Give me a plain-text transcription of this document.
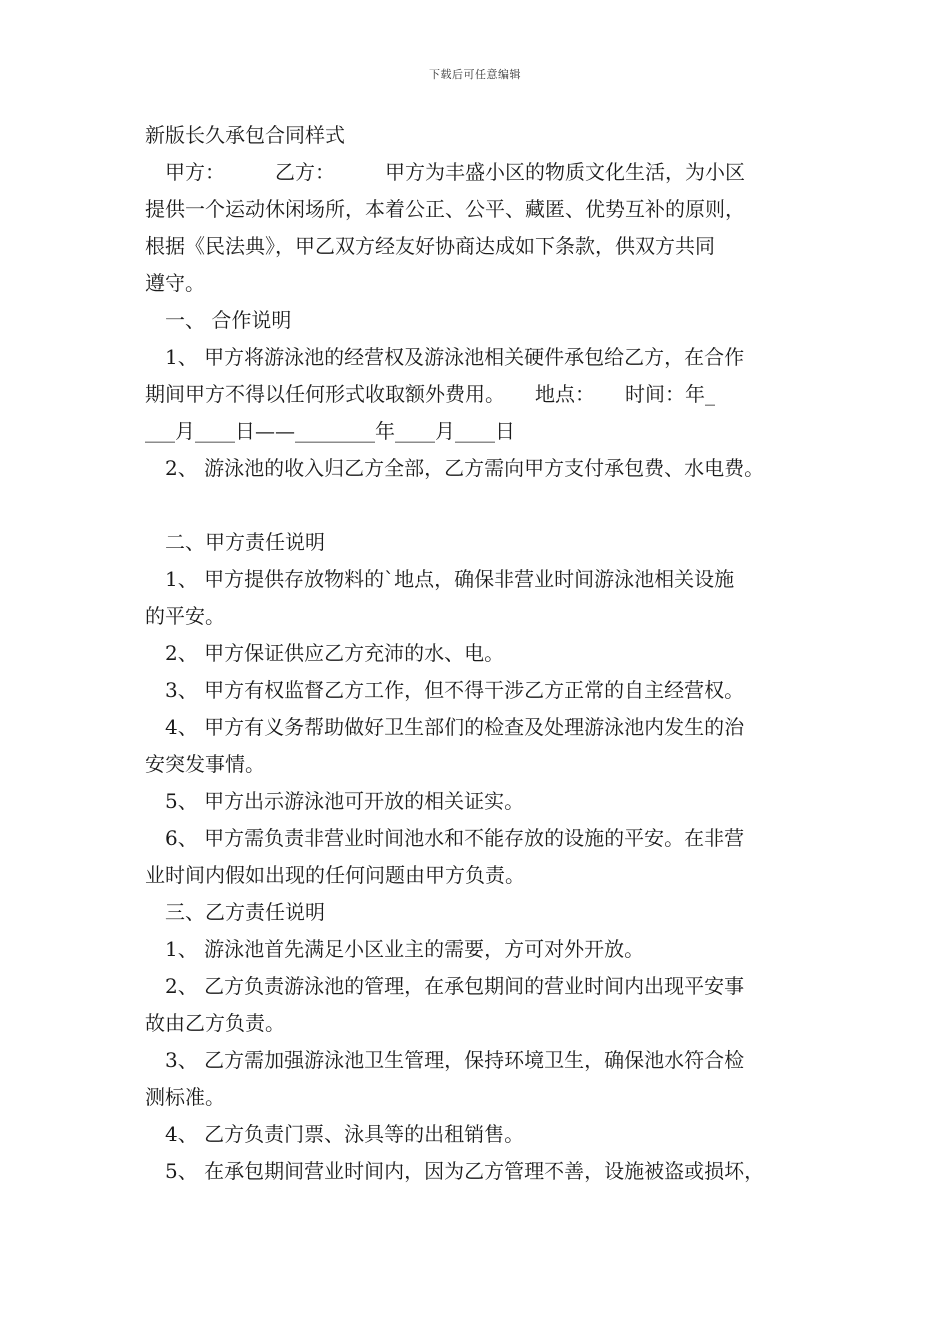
下载后可任意编辑
新版长久承包合同样式
　甲方：　　　乙方：　　　甲方为丰盛小区的物质文化生活，为小区
提供一个运动休闲场所，本着公正、公平、藏匿、优势互补的原则，
根据《民法典》，甲乙双方经友好协商达成如下条款，供双方共同
遵守。
　一、 合作说明
　1、 甲方将游泳池的经营权及游泳池相关硬件承包给乙方，在合作
期间甲方不得以任何形式收取额外费用。　　地点：　　时间：年_
___月____日——________年____月____日
　2、 游泳池的收入归乙方全部，乙方需向甲方支付承包费、水电费。
　二、甲方责任说明
　1、 甲方提供存放物料的`地点，确保非营业时间游泳池相关设施
的平安。
　2、 甲方保证供应乙方充沛的水、电。
　3、 甲方有权监督乙方工作，但不得干涉乙方正常的自主经营权。
　4、 甲方有义务帮助做好卫生部们的检查及处理游泳池内发生的治
安突发事情。
　5、 甲方出示游泳池可开放的相关证实。
　6、 甲方需负责非营业时间池水和不能存放的设施的平安。在非营
业时间内假如出现的任何问题由甲方负责。
　三、乙方责任说明
　1、 游泳池首先满足小区业主的需要，方可对外开放。
　2、 乙方负责游泳池的管理，在承包期间的营业时间内出现平安事
故由乙方负责。
　3、 乙方需加强游泳池卫生管理，保持环境卫生，确保池水符合检
测标准。
　4、 乙方负责门票、泳具等的出租销售。
　5、 在承包期间营业时间内，因为乙方管理不善，设施被盗或损坏，
